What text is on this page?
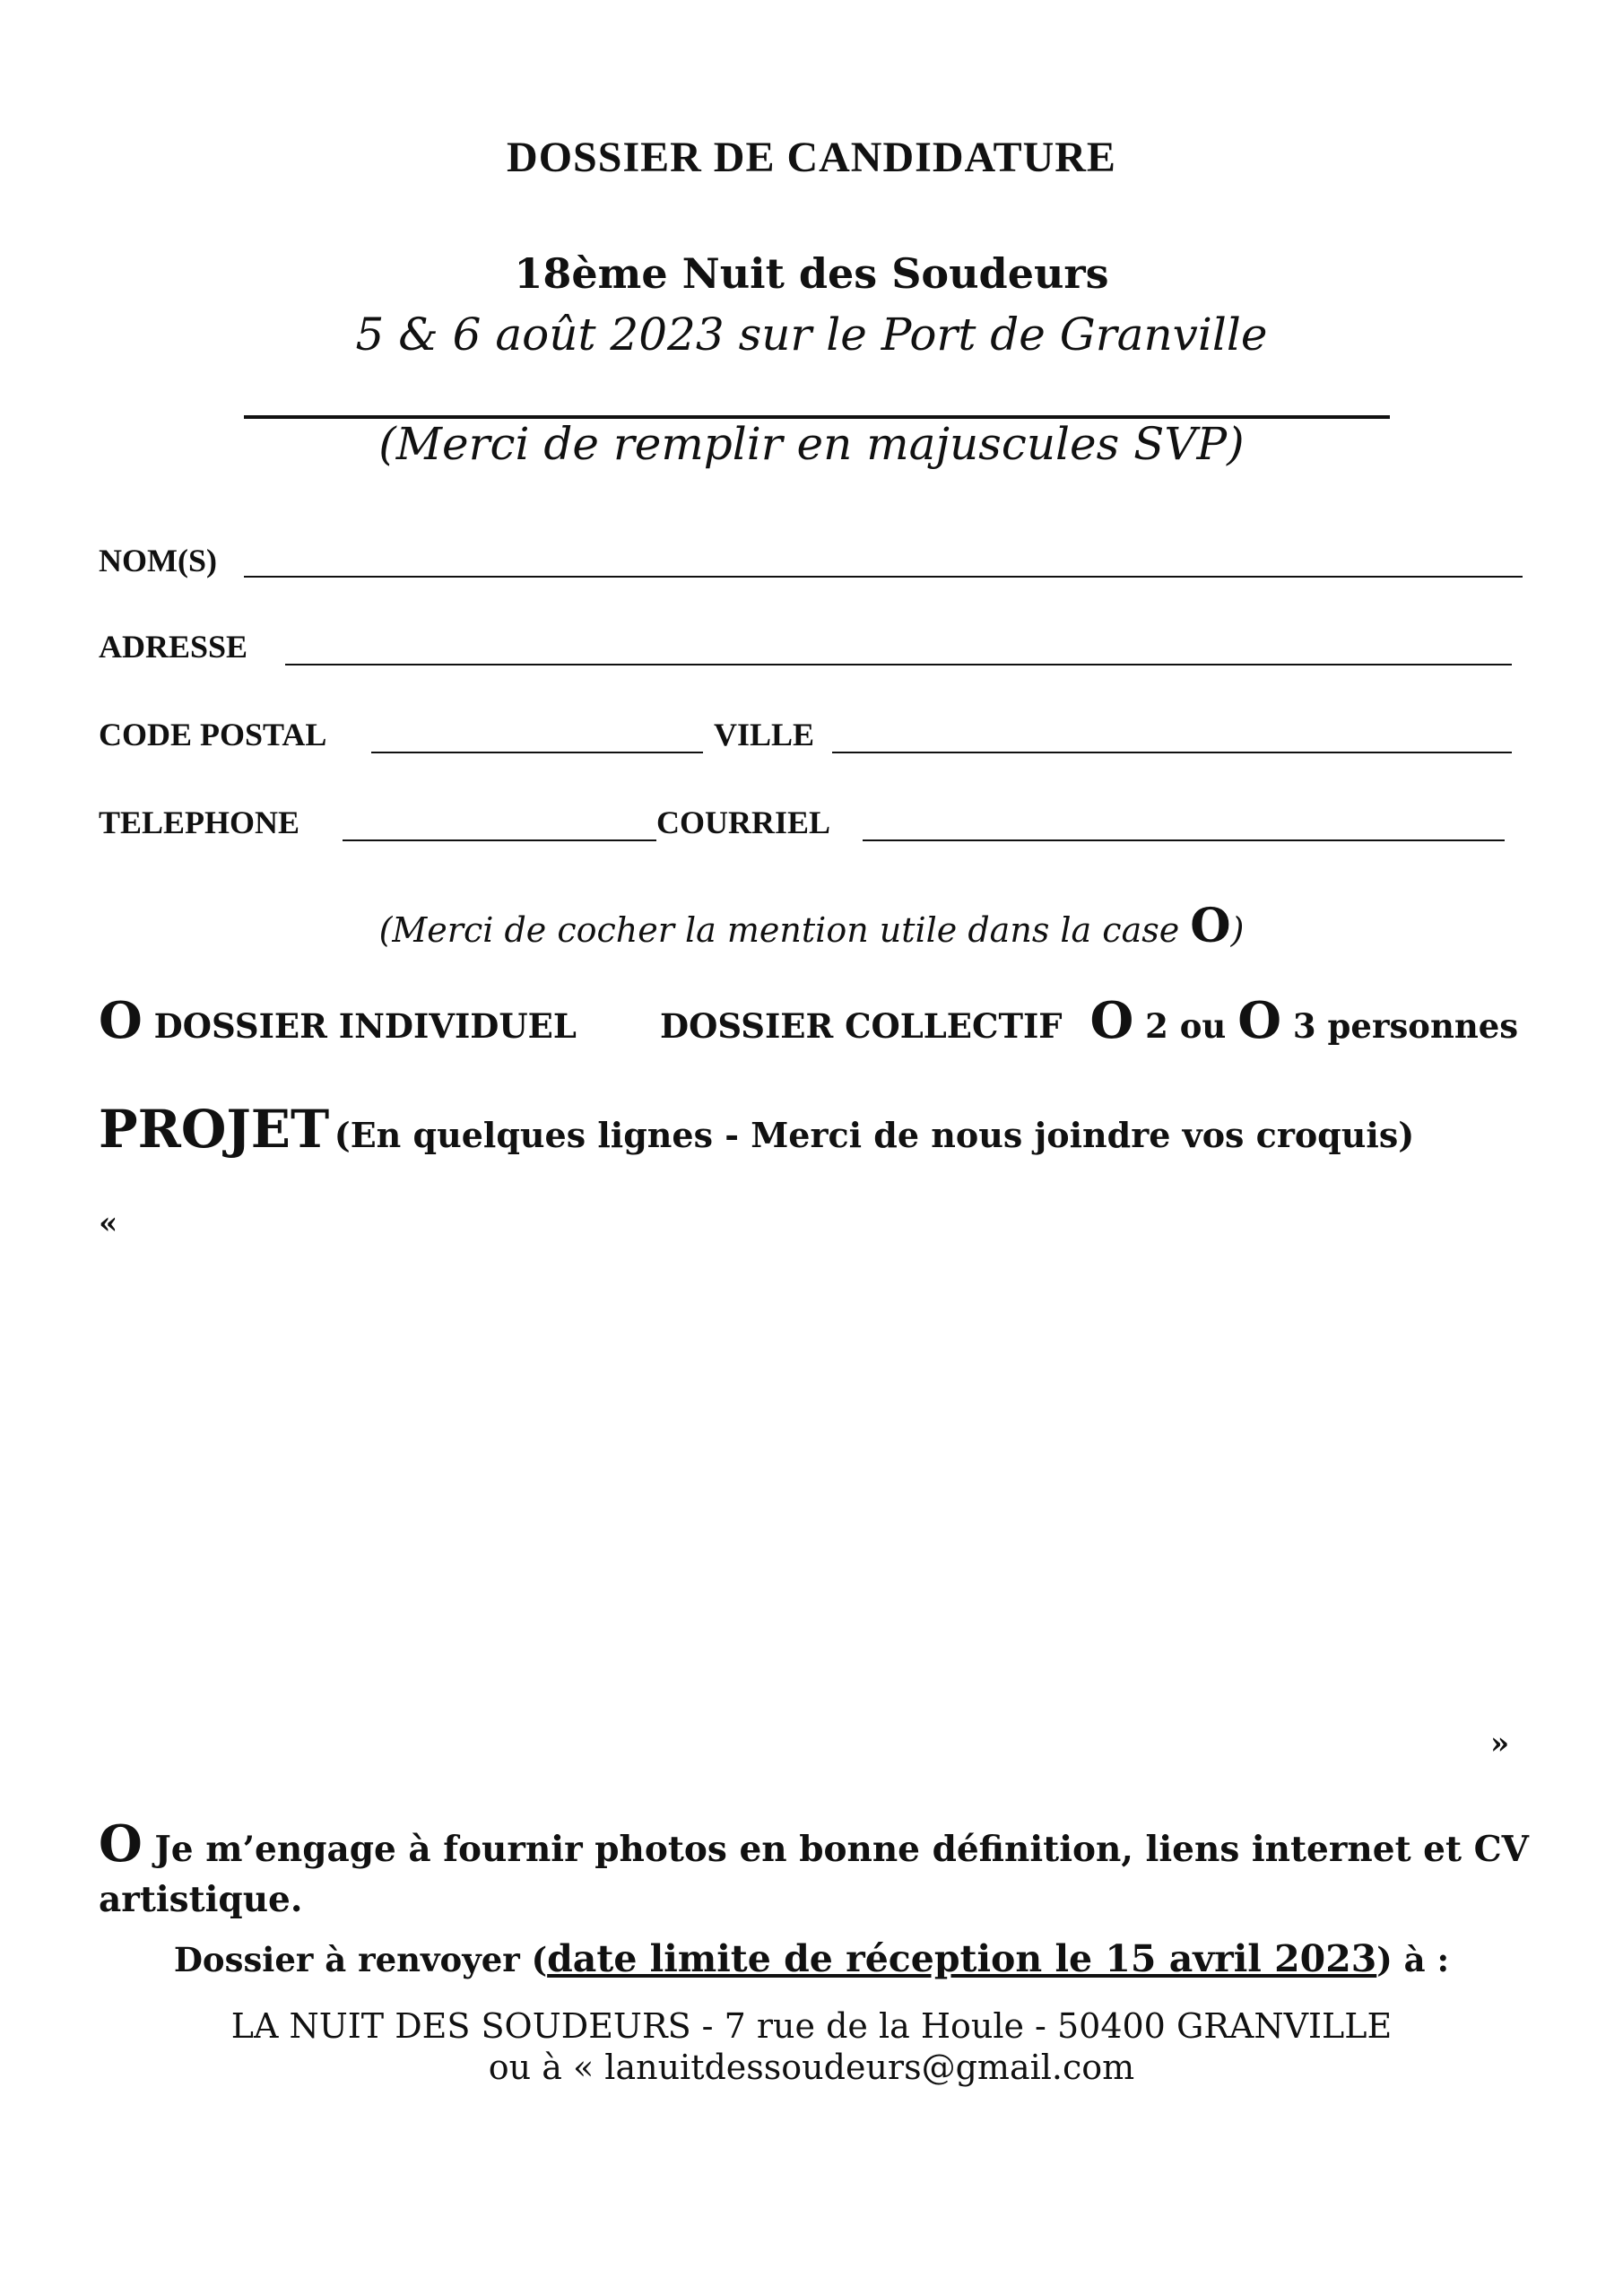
DOSSIER DE CANDIDATURE
18ème Nuit des Soudeurs
5 & 6 août 2023 sur le Port de Granville
(Merci de remplir en majuscules SVP)
NOM(S)
ADRESSE
CODE POSTAL	VILLE
TELEPHONE	COURRIEL
(Merci de cocher la mention utile dans la case O)
O DOSSIER INDIVIDUEL	DOSSIER COLLECTIF O 2 ou O 3 personnes
PROJET (En quelques lignes - Merci de nous joindre vos croquis)
«
»
O Je m’engage à fournir photos en bonne définition, liens internet et CV artistique.
Dossier à renvoyer (date limite de réception le 15 avril 2023) à :
LA NUIT DES SOUDEURS - 7 rue de la Houle - 50400 GRANVILLE
ou à « lanuitdessoudeurs@gmail.com
